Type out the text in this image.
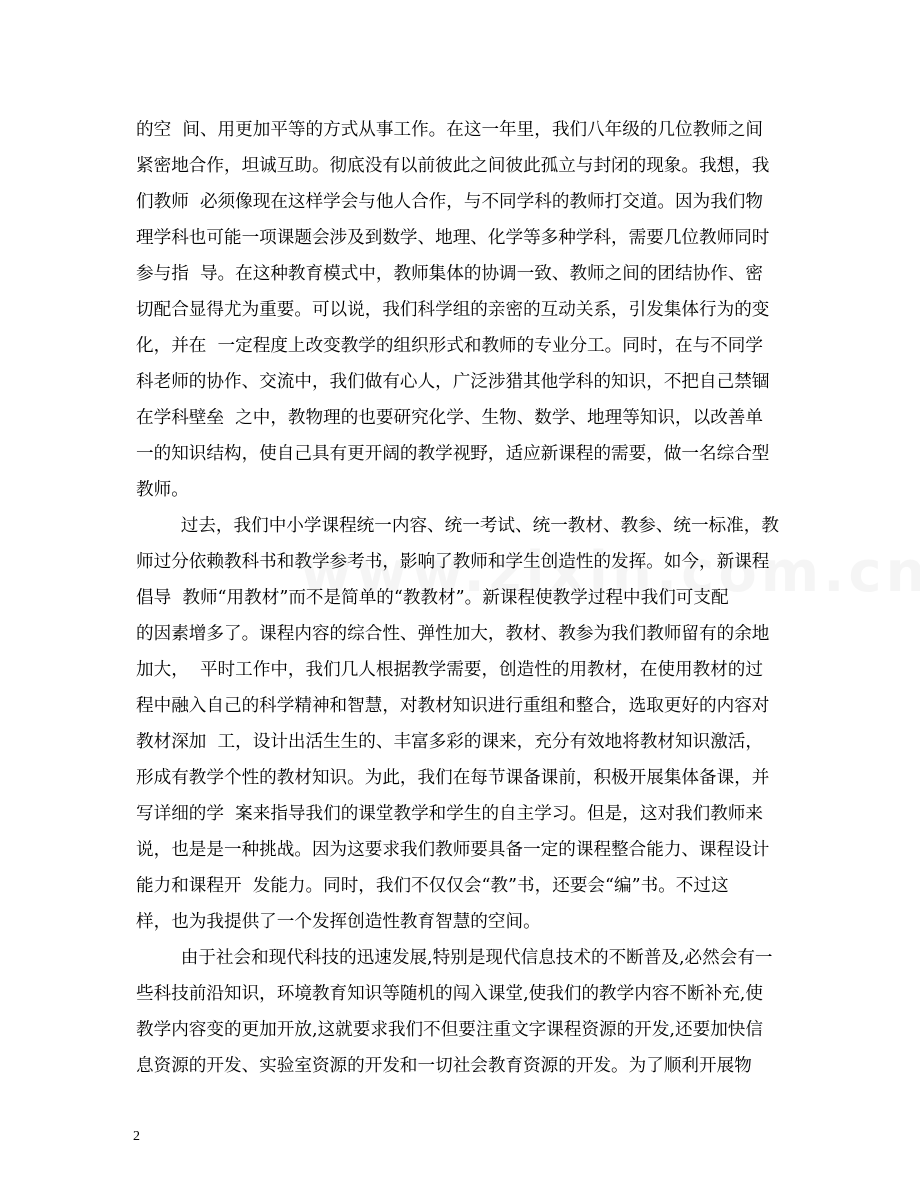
的空  间、用更加平等的方式从事工作。在这一年里，我们八年级的几位教师之间
紧密地合作，坦诚互助。彻底没有以前彼此之间彼此孤立与封闭的现象。我想，我
们教师  必须像现在这样学会与他人合作，与不同学科的教师打交道。因为我们物
理学科也可能一项课题会涉及到数学、地理、化学等多种学科，需要几位教师同时
参与指  导。在这种教育模式中，教师集体的协调一致、教师之间的团结协作、密
切配合显得尤为重要。可以说，我们科学组的亲密的互动关系，引发集体行为的变
化，并在  一定程度上改变教学的组织形式和教师的专业分工。同时，在与不同学
科老师的协作、交流中，我们做有心人，广泛涉猎其他学科的知识，不把自己禁锢
在学科壁垒  之中，教物理的也要研究化学、生物、数学、地理等知识，以改善单
一的知识结构，使自己具有更开阔的教学视野，适应新课程的需要，做一名综合型
教师。
过去，我们中小学课程统一内容、统一考试、统一教材、教参、统一标准，教
师过分依赖教科书和教学参考书，影响了教师和学生创造性的发挥。如今，新课程
倡导  教师“用教材”而不是简单的“教教材”。新课程使教学过程中我们可支配
的因素增多了。课程内容的综合性、弹性加大，教材、教参为我们教师留有的余地
加大，  平时工作中，我们几人根据教学需要，创造性的用教材，在使用教材的过
程中融入自己的科学精神和智慧，对教材知识进行重组和整合，选取更好的内容对
教材深加  工，设计出活生生的、丰富多彩的课来，充分有效地将教材知识激活，
形成有教学个性的教材知识。为此，我们在每节课备课前，积极开展集体备课，并
写详细的学  案来指导我们的课堂教学和学生的自主学习。但是，这对我们教师来
说，也是是一种挑战。因为这要求我们教师要具备一定的课程整合能力、课程设计
能力和课程开  发能力。同时，我们不仅仅会“教”书，还要会“编”书。不过这
样，也为我提供了一个发挥创造性教育智慧的空间。
由于社会和现代科技的迅速发展,特别是现代信息技术的不断普及,必然会有一
些科技前沿知识，环境教育知识等随机的闯入课堂,使我们的教学内容不断补充,使
教学内容变的更加开放,这就要求我们不但要注重文字课程资源的开发,还要加快信
息资源的开发、实验室资源的开发和一切社会教育资源的开发。为了顺利开展物
2
